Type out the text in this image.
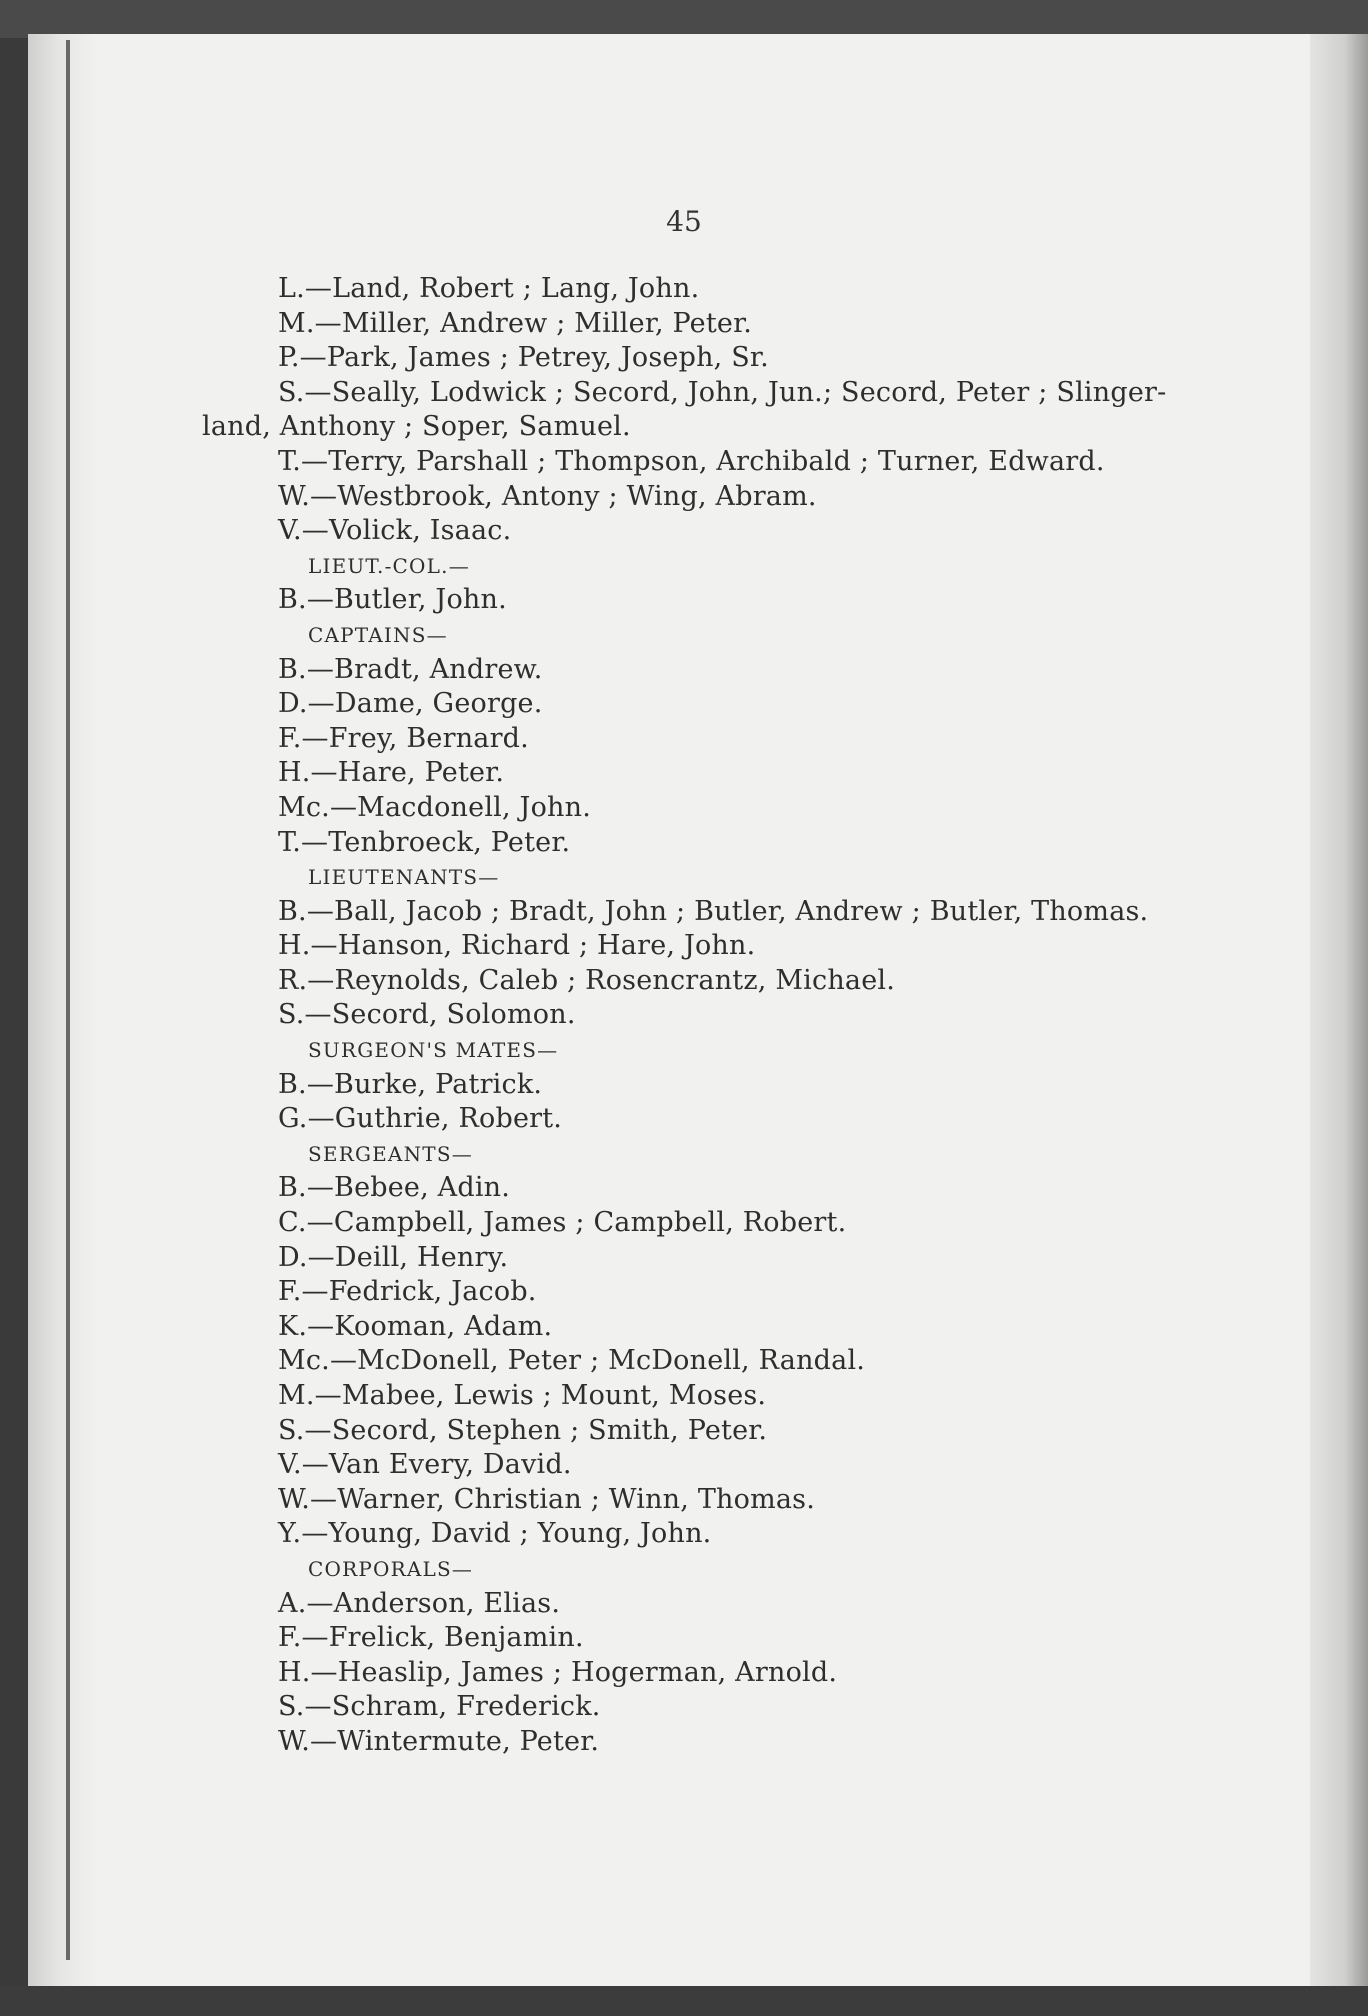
45
L.—Land, Robert ; Lang, John.
M.—Miller, Andrew ; Miller, Peter.
P.—Park, James ; Petrey, Joseph, Sr.
S.—Seally, Lodwick ; Secord, John, Jun.; Secord, Peter ; Slinger-
land, Anthony ; Soper, Samuel.
T.—Terry, Parshall ; Thompson, Archibald ; Turner, Edward.
W.—Westbrook, Antony ; Wing, Abram.
V.—Volick, Isaac.
LIEUT.-COL.—
B.—Butler, John.
CAPTAINS—
B.—Bradt, Andrew.
D.—Dame, George.
F.—Frey, Bernard.
H.—Hare, Peter.
Mc.—Macdonell, John.
T.—Tenbroeck, Peter.
LIEUTENANTS—
B.—Ball, Jacob ; Bradt, John ; Butler, Andrew ; Butler, Thomas.
H.—Hanson, Richard ; Hare, John.
R.—Reynolds, Caleb ; Rosencrantz, Michael.
S.—Secord, Solomon.
SURGEON'S MATES—
B.—Burke, Patrick.
G.—Guthrie, Robert.
SERGEANTS—
B.—Bebee, Adin.
C.—Campbell, James ; Campbell, Robert.
D.—Deill, Henry.
F.—Fedrick, Jacob.
K.—Kooman, Adam.
Mc.—McDonell, Peter ; McDonell, Randal.
M.—Mabee, Lewis ; Mount, Moses.
S.—Secord, Stephen ; Smith, Peter.
V.—Van Every, David.
W.—Warner, Christian ; Winn, Thomas.
Y.—Young, David ; Young, John.
CORPORALS—
A.—Anderson, Elias.
F.—Frelick, Benjamin.
H.—Heaslip, James ; Hogerman, Arnold.
S.—Schram, Frederick.
W.—Wintermute, Peter.
